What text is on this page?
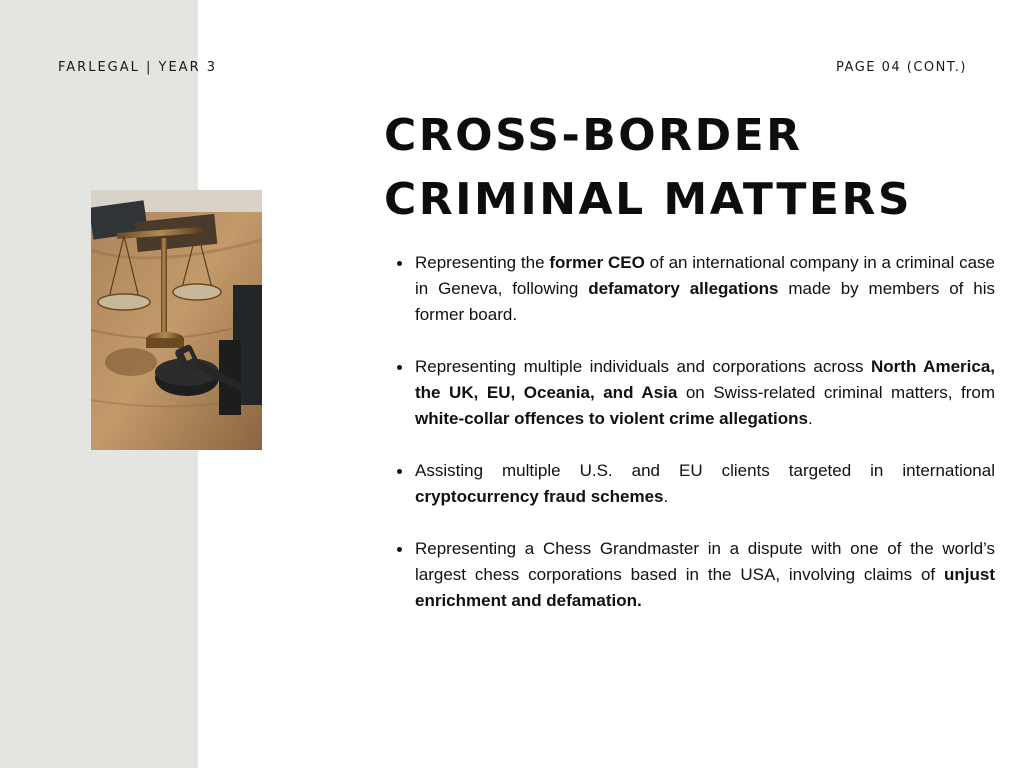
FARLEGAL | YEAR 3	PAGE 04 (CONT.)
CROSS-BORDER
CRIMINAL MATTERS
Representing the former CEO of an international company in a criminal case in Geneva, following defamatory allegations made by members of his former board.
Representing multiple individuals and corporations across North America, the UK, EU, Oceania, and Asia on Swiss-related criminal matters, from white-collar offences to violent crime allegations.
Assisting multiple U.S. and EU clients targeted in international cryptocurrency fraud schemes.
Representing a Chess Grandmaster in a dispute with one of the world’s largest chess corporations based in the USA, involving claims of unjust enrichment and defamation.
